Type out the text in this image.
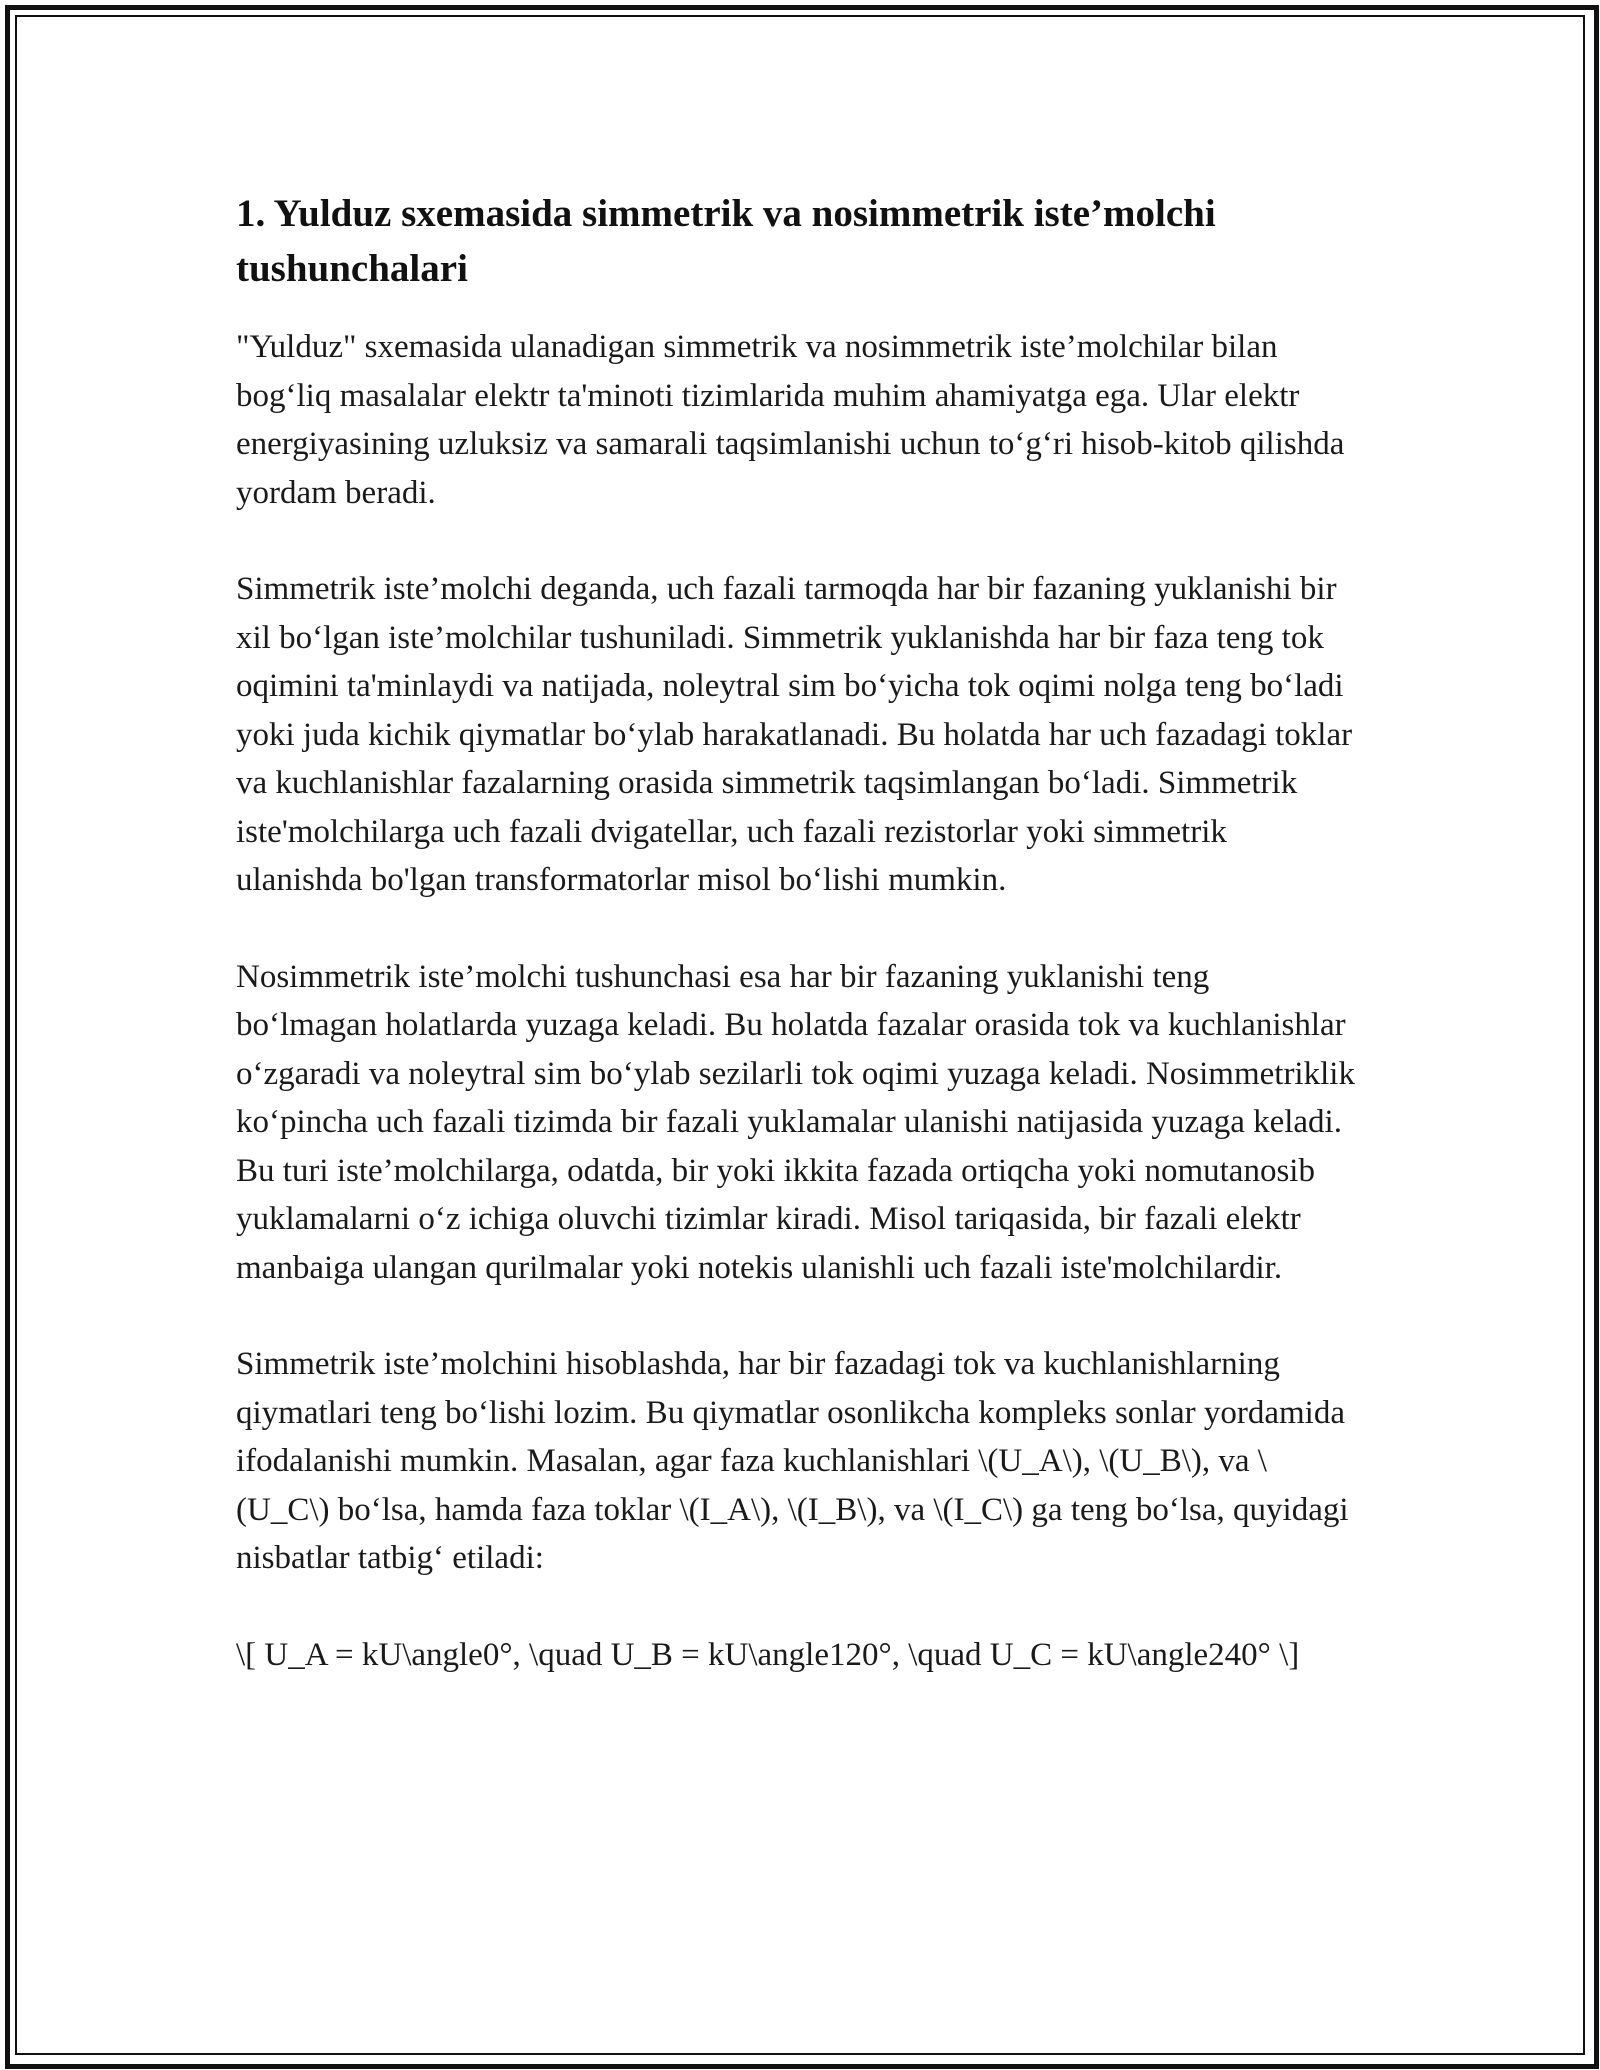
1. Yulduz sxemasida simmetrik va nosimmetrik iste’molchi tushunchalari

"Yulduz" sxemasida ulanadigan simmetrik va nosimmetrik iste’molchilar bilan bog‘liq masalalar elektr ta'minoti tizimlarida muhim ahamiyatga ega. Ular elektr energiyasining uzluksiz va samarali taqsimlanishi uchun to‘g‘ri hisob-kitob qilishda yordam beradi.

Simmetrik iste’molchi deganda, uch fazali tarmoqda har bir fazaning yuklanishi bir xil bo‘lgan iste’molchilar tushuniladi. Simmetrik yuklanishda har bir faza teng tok oqimini ta'minlaydi va natijada, noleytral sim bo‘yicha tok oqimi nolga teng bo‘ladi yoki juda kichik qiymatlar bo‘ylab harakatlanadi. Bu holatda har uch fazadagi toklar va kuchlanishlar fazalarning orasida simmetrik taqsimlangan bo‘ladi. Simmetrik iste'molchilarga uch fazali dvigatellar, uch fazali rezistorlar yoki simmetrik ulanishda bo'lgan transformatorlar misol bo‘lishi mumkin.

Nosimmetrik iste’molchi tushunchasi esa har bir fazaning yuklanishi teng bo‘lmagan holatlarda yuzaga keladi. Bu holatda fazalar orasida tok va kuchlanishlar o‘zgaradi va noleytral sim bo‘ylab sezilarli tok oqimi yuzaga keladi. Nosimmetriklik ko‘pincha uch fazali tizimda bir fazali yuklamalar ulanishi natijasida yuzaga keladi. Bu turi iste’molchilarga, odatda, bir yoki ikkita fazada ortiqcha yoki nomutanosib yuklamalarni o‘z ichiga oluvchi tizimlar kiradi. Misol tariqasida, bir fazali elektr manbaiga ulangan qurilmalar yoki notekis ulanishli uch fazali iste'molchilardir.

Simmetrik iste’molchini hisoblashda, har bir fazadagi tok va kuchlanishlarning qiymatlari teng bo‘lishi lozim. Bu qiymatlar osonlikcha kompleks sonlar yordamida ifodalanishi mumkin. Masalan, agar faza kuchlanishlari \(U_A\), \(U_B\), va \(U_C\) bo‘lsa, hamda faza toklar \(I_A\), \(I_B\), va \(I_C\) ga teng bo‘lsa, quyidagi nisbatlar tatbig‘ etiladi:

\[ U_A = kU\angle0°, \quad U_B = kU\angle120°, \quad U_C = kU\angle240° \]
